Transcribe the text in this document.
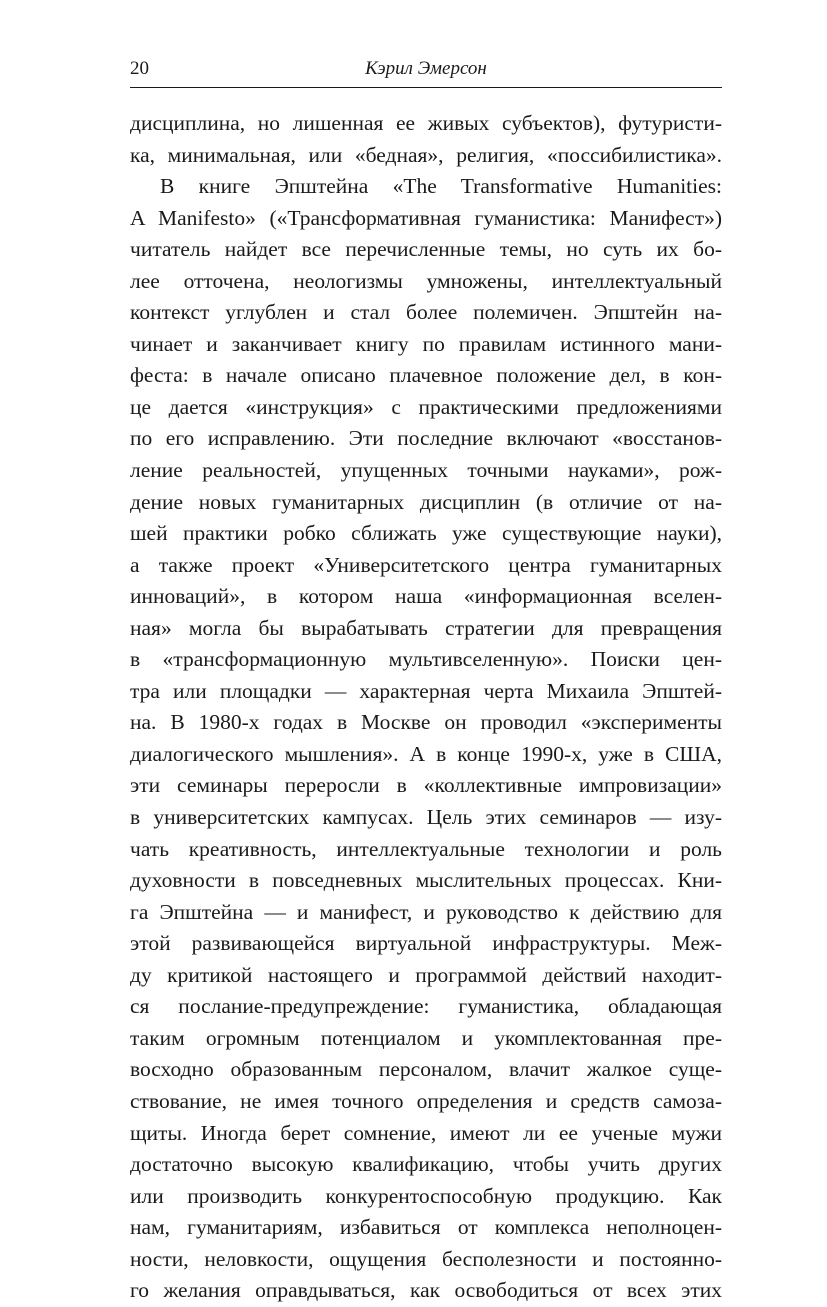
20	Кэрил Эмерсон
дисциплина, но лишенная ее живых субъектов), футуристи-
ка, минимальная, или «бедная», религия, «поссибилистика».
В книге Эпштейна «The Transformative Humanities:
A Manifesto» («Трансформативная гуманистика: Манифест»)
читатель найдет все перечисленные темы, но суть их бо-
лее отточена, неологизмы умножены, интеллектуальный
контекст углублен и стал более полемичен. Эпштейн на-
чинает и заканчивает книгу по правилам истинного мани-
феста: в начале описано плачевное положение дел, в кон-
це дается «инструкция» с практическими предложениями
по его исправлению. Эти последние включают «восстанов-
ление реальностей, упущенных точными науками», рож-
дение новых гуманитарных дисциплин (в отличие от на-
шей практики робко сближать уже существующие науки),
а также проект «Университетского центра гуманитарных
инноваций», в котором наша «информационная вселен-
ная» могла бы вырабатывать стратегии для превращения
в «трансформационную мультивселенную». Поиски цен-
тра или площадки — характерная черта Михаила Эпштей-
на. В 1980-х годах в Москве он проводил «эксперименты
диалогического мышления». А в конце 1990-х, уже в США,
эти семинары переросли в «коллективные импровизации»
в университетских кампусах. Цель этих семинаров — изу-
чать креативность, интеллектуальные технологии и роль
духовности в повседневных мыслительных процессах. Кни-
га Эпштейна — и манифест, и руководство к действию для
этой развивающейся виртуальной инфраструктуры. Меж-
ду критикой настоящего и программой действий находит-
ся послание-предупреждение: гуманистика, обладающая
таким огромным потенциалом и укомплектованная пре-
восходно образованным персоналом, влачит жалкое суще-
ствование, не имея точного определения и средств самоза-
щиты. Иногда берет сомнение, имеют ли ее ученые мужи
достаточно высокую квалификацию, чтобы учить других
или производить конкурентоспособную продукцию. Как
нам, гуманитариям, избавиться от комплекса неполноцен-
ности, неловкости, ощущения бесполезности и постоянно-
го желания оправдываться, как освободиться от всех этих
